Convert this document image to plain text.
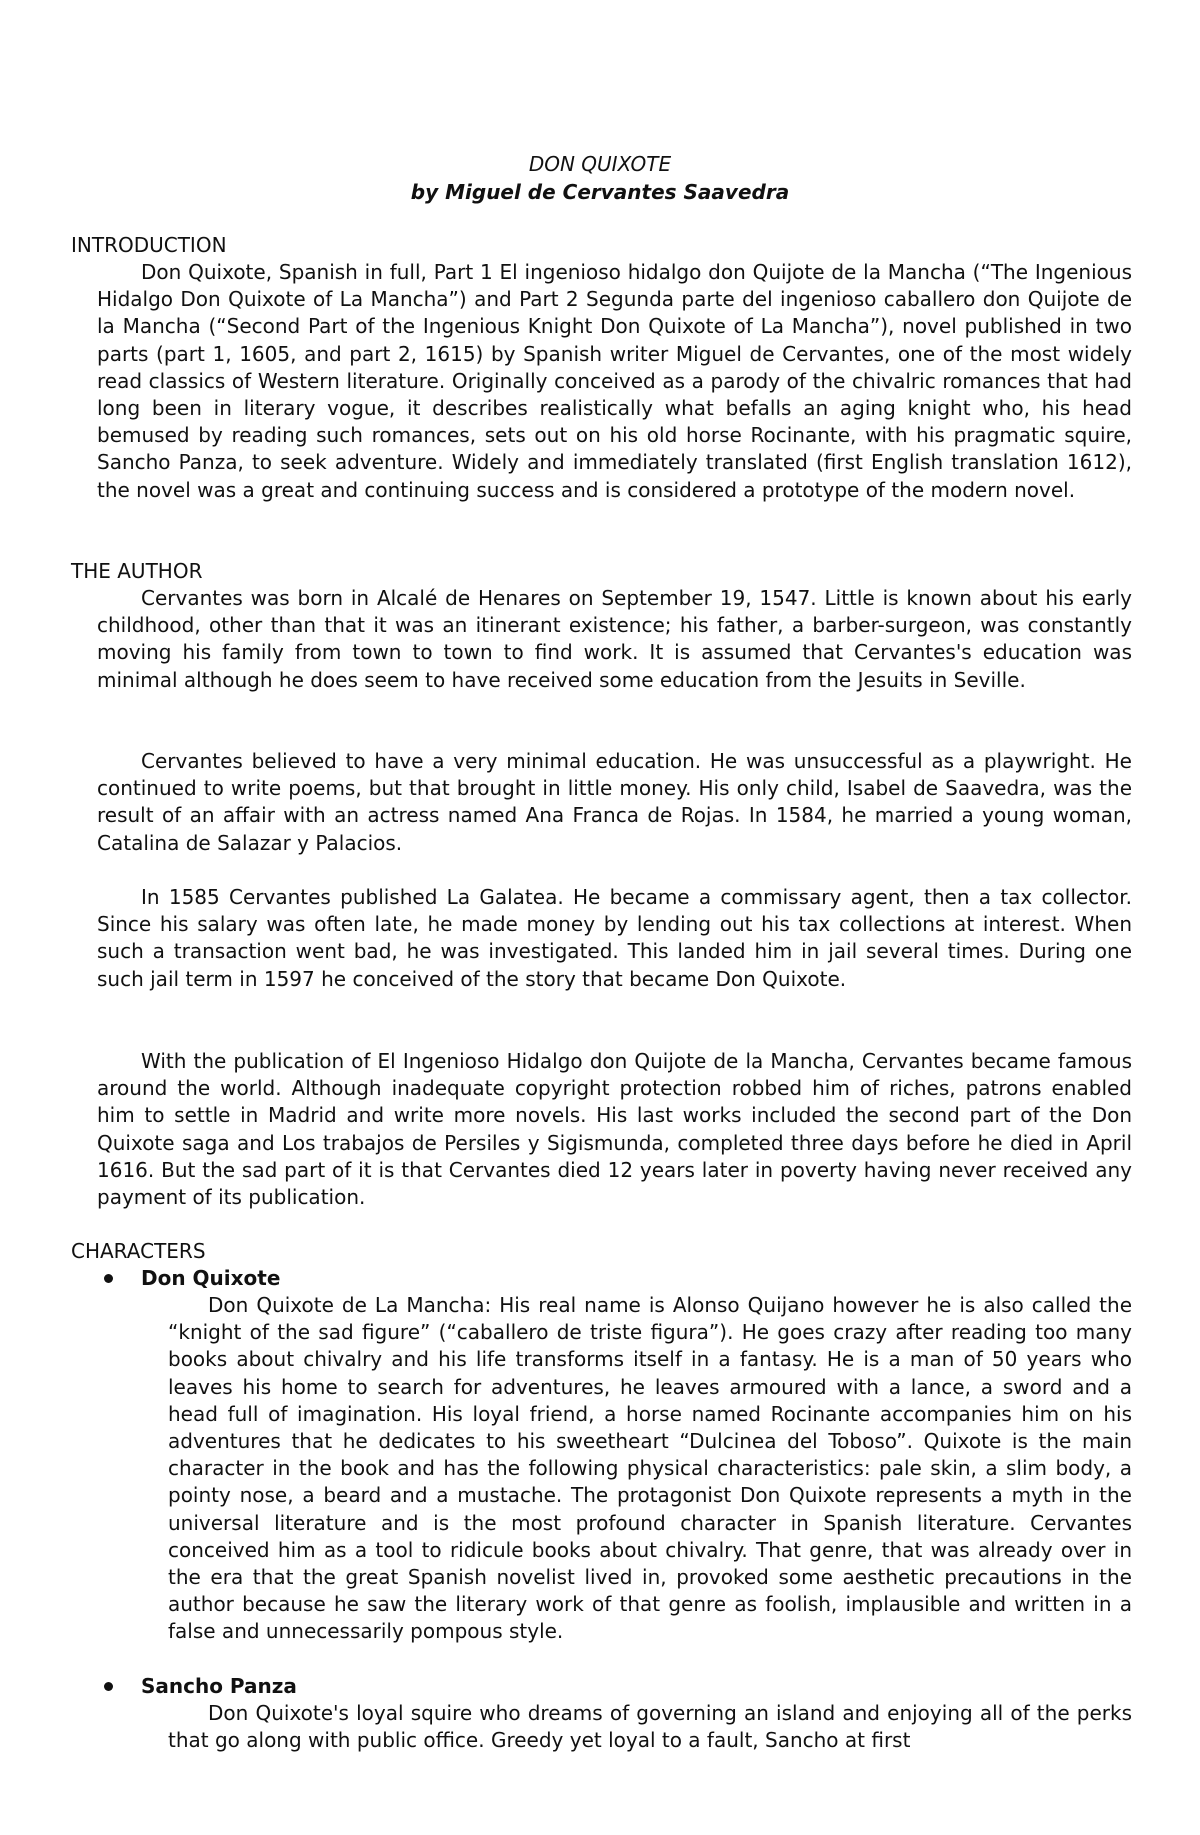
DON QUIXOTE
by Miguel de Cervantes Saavedra
INTRODUCTION

Don Quixote, Spanish in full, Part 1 El ingenioso hidalgo don Quijote de la Mancha (“The Ingenious Hidalgo Don Quixote of La Mancha”) and Part 2 Segunda parte del ingenioso caballero don Quijote de la Mancha (“Second Part of the Ingenious Knight Don Quixote of La Mancha”), novel published in two parts (part 1, 1605, and part 2, 1615) by Spanish writer Miguel de Cervantes, one of the most widely read classics of Western literature. Originally conceived as a parody of the chivalric romances that had long been in literary vogue, it describes realistically what befalls an aging knight who, his head bemused by reading such romances, sets out on his old horse Rocinante, with his pragmatic squire, Sancho Panza, to seek adventure. Widely and immediately translated (first English translation 1612), the novel was a great and continuing success and is considered a prototype of the modern novel.

THE AUTHOR

Cervantes was born in Alcalé de Henares on September 19, 1547. Little is known about his early childhood, other than that it was an itinerant existence; his father, a barber-surgeon, was constantly moving his family from town to town to find work. It is assumed that Cervantes's education was minimal although he does seem to have received some education from the Jesuits in Seville.

Cervantes believed to have a very minimal education. He was unsuccessful as a playwright. He continued to write poems, but that brought in little money. His only child, Isabel de Saavedra, was the result of an affair with an actress named Ana Franca de Rojas. In 1584, he married a young woman, Catalina de Salazar y Palacios.

In 1585 Cervantes published La Galatea. He became a commissary agent, then a tax collector. Since his salary was often late, he made money by lending out his tax collections at interest. When such a transaction went bad, he was investigated. This landed him in jail several times. During one such jail term in 1597 he conceived of the story that became Don Quixote.

With the publication of El Ingenioso Hidalgo don Quijote de la Mancha, Cervantes became famous around the world. Although inadequate copyright protection robbed him of riches, patrons enabled him to settle in Madrid and write more novels. His last works included the second part of the Don Quixote saga and Los trabajos de Persiles y Sigismunda, completed three days before he died in April 1616. But the sad part of it is that Cervantes died 12 years later in poverty having never received any payment of its publication.

CHARACTERS
Don Quixote

Don Quixote de La Mancha: His real name is Alonso Quijano however he is also called the “knight of the sad figure” (“caballero de triste figura”). He goes crazy after reading too many books about chivalry and his life transforms itself in a fantasy. He is a man of 50 years who leaves his home to search for adventures, he leaves armoured with a lance, a sword and a head full of imagination. His loyal friend, a horse named Rocinante accompanies him on his adventures that he dedicates to his sweetheart “Dulcinea del Toboso”. Quixote is the main character in the book and has the following physical characteristics: pale skin, a slim body, a pointy nose, a beard and a mustache. The protagonist Don Quixote represents a myth in the universal literature and is the most profound character in Spanish literature. Cervantes conceived him as a tool to ridicule books about chivalry. That genre, that was already over in the era that the great Spanish novelist lived in, provoked some aesthetic precautions in the author because he saw the literary work of that genre as foolish, implausible and written in a false and unnecessarily pompous style.

Sancho Panza

Don Quixote's loyal squire who dreams of governing an island and enjoying all of the perks that go along with public office. Greedy yet loyal to a fault, Sancho at first
